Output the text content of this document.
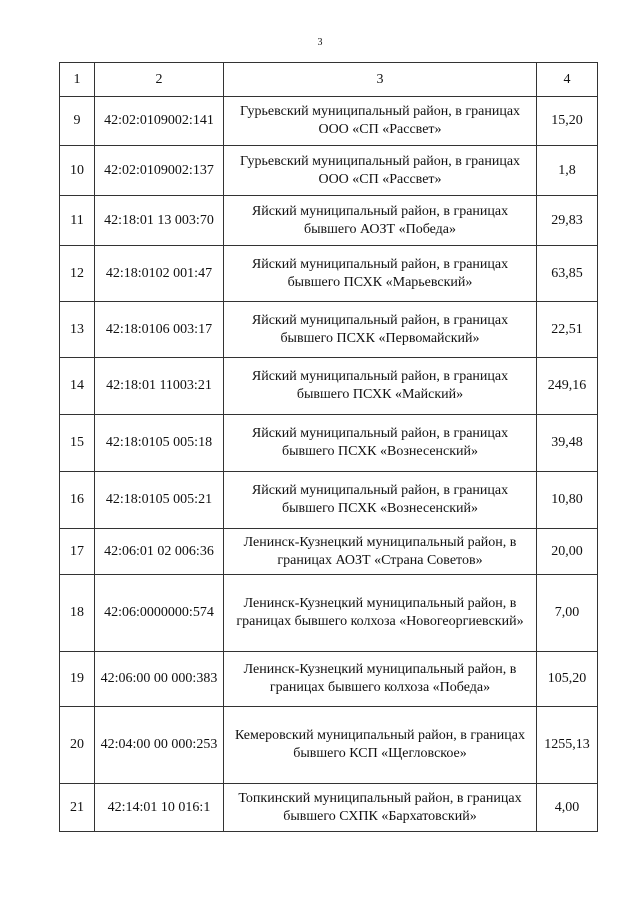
3
1	2	3	4
9	42:02:0109002:141	Гурьевский муниципальный район, в границах ООО «СП «Рассвет»	15,20
10	42:02:0109002:137	Гурьевский муниципальный район, в границах ООО «СП «Рассвет»	1,8
11	42:18:01 13 003:70	Яйский муниципальный район, в границах бывшего АОЗТ «Победа»	29,83
12	42:18:0102 001:47	Яйский муниципальный район, в границах бывшего ПСХК «Марьевский»	63,85
13	42:18:0106 003:17	Яйский муниципальный район, в границах бывшего ПСХК «Первомайский»	22,51
14	42:18:01 11003:21	Яйский муниципальный район, в границах бывшего ПСХК «Майский»	249,16
15	42:18:0105 005:18	Яйский муниципальный район, в границах бывшего ПСХК «Вознесенский»	39,48
16	42:18:0105 005:21	Яйский муниципальный район, в границах бывшего ПСХК «Вознесенский»	10,80
17	42:06:01 02 006:36	Ленинск-Кузнецкий муниципальный район, в границах АОЗТ «Страна Советов»	20,00
18	42:06:0000000:574	Ленинск-Кузнецкий муниципальный район, в границах бывшего колхоза «Новогеоргиевский»	7,00
19	42:06:00 00 000:383	Ленинск-Кузнецкий муниципальный район, в границах бывшего колхоза «Победа»	105,20
20	42:04:00 00 000:253	Кемеровский муниципальный район, в границах бывшего КСП «Щегловское»	1255,13
21	42:14:01 10 016:1	Топкинский муниципальный район, в границах бывшего СХПК «Бархатовский»	4,00
